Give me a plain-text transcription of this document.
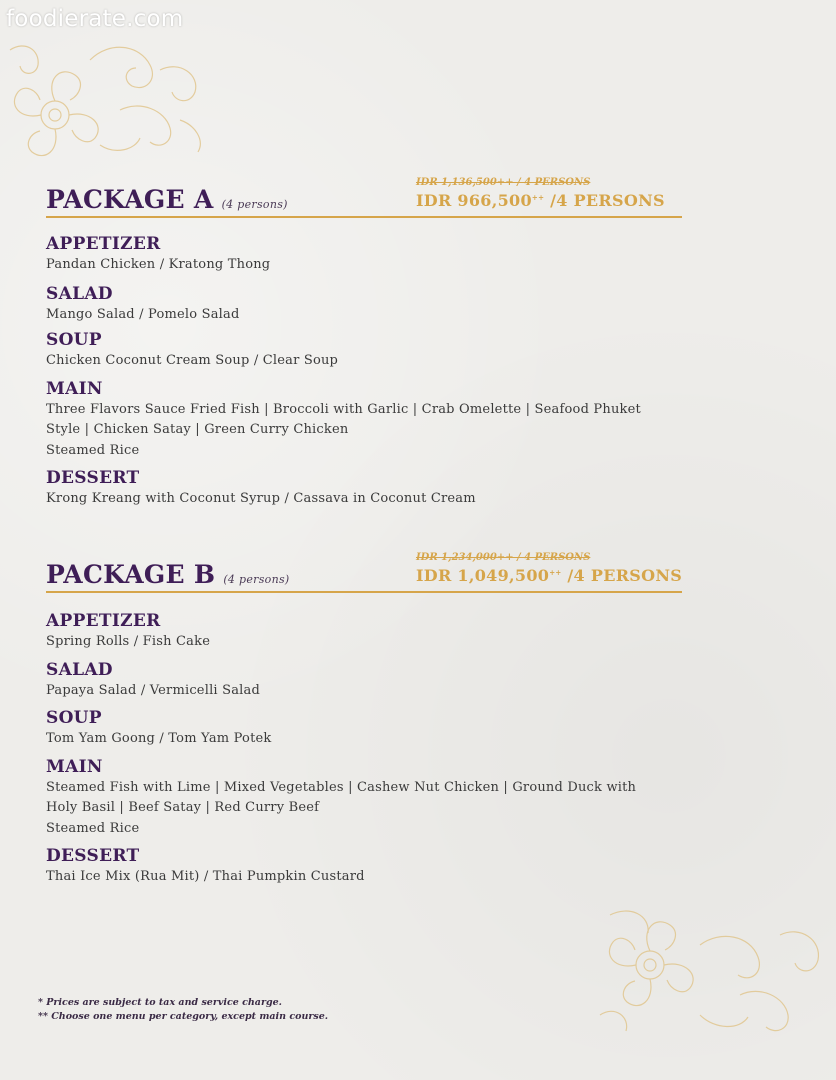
foodierate.com
PACKAGE A (4 persons)
IDR 1,136,500++ / 4 PERSONS
IDR 966,500++ /4 PERSONS
APPETIZER
Pandan Chicken / Kratong Thong
SALAD
Mango Salad / Pomelo Salad
SOUP
Chicken Coconut Cream Soup / Clear Soup
MAIN
Three Flavors Sauce Fried Fish | Broccoli with Garlic | Crab Omelette | Seafood Phuket
Style | Chicken Satay | Green Curry Chicken
Steamed Rice
DESSERT
Krong Kreang with Coconut Syrup / Cassava in Coconut Cream
PACKAGE B (4 persons)
IDR 1,234,000++ / 4 PERSONS
IDR 1,049,500++ /4 PERSONS
APPETIZER
Spring Rolls / Fish Cake
SALAD
Papaya Salad / Vermicelli Salad
SOUP
Tom Yam Goong / Tom Yam Potek
MAIN
Steamed Fish with Lime | Mixed Vegetables | Cashew Nut Chicken | Ground Duck with
Holy Basil | Beef Satay | Red Curry Beef
Steamed Rice
DESSERT
Thai Ice Mix (Rua Mit) / Thai Pumpkin Custard
* Prices are subject to tax and service charge.
** Choose one menu per category, except main course.
